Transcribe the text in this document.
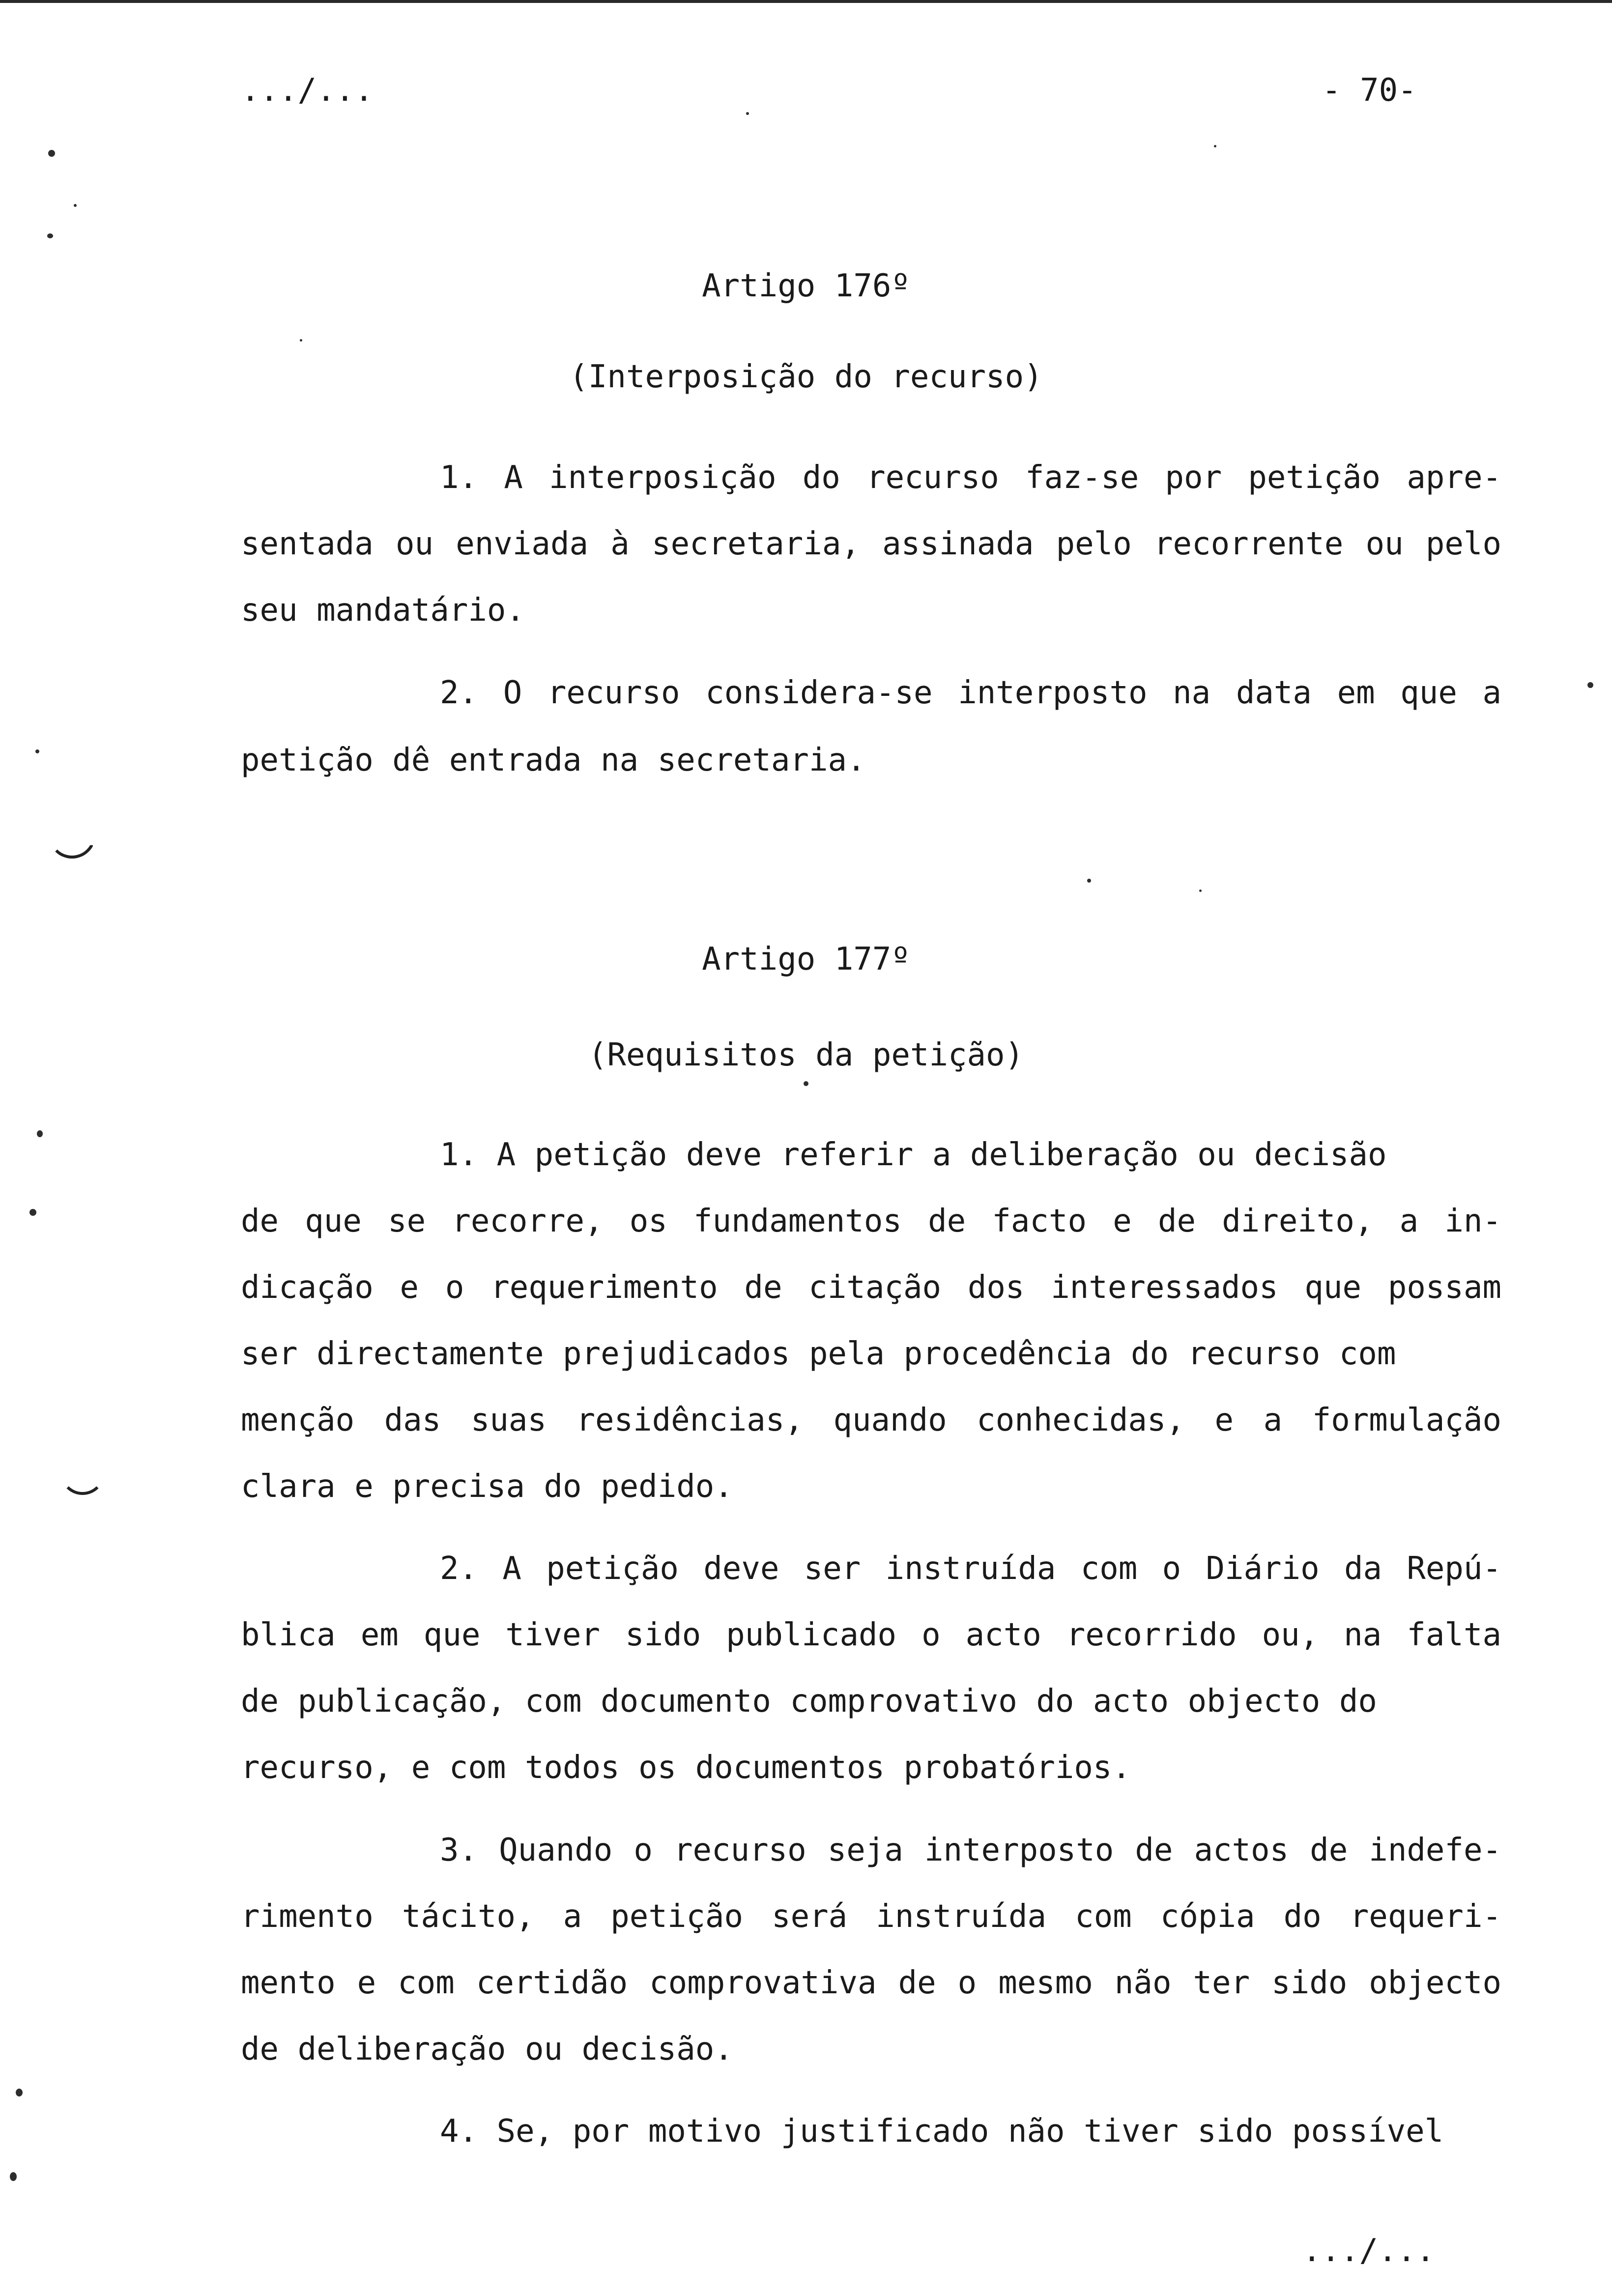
.../...	- 70-
Artigo 176º
(Interposição do recurso)
1. A interposição do recurso faz-se por petição apre-
sentada ou enviada à secretaria, assinada pelo recorrente ou pelo
seu mandatário.
2. O recurso considera-se interposto na data em que a
petição dê entrada na secretaria.
Artigo 177º
(Requisitos da petição)
1. A petição deve referir a deliberação ou decisão
de que se recorre, os fundamentos de facto e de direito, a in-
dicação e o requerimento de citação dos interessados que possam
ser directamente prejudicados pela procedência do recurso com
menção das suas residências, quando conhecidas, e a formulação
clara e precisa do pedido.
2. A petição deve ser instruída com o Diário da Repú-
blica em que tiver sido publicado o acto recorrido ou, na falta
de publicação, com documento comprovativo do acto objecto do
recurso, e com todos os documentos probatórios.
3. Quando o recurso seja interposto de actos de indefe-
rimento tácito, a petição será instruída com cópia do requeri-
mento e com certidão comprovativa de o mesmo não ter sido objecto
de deliberação ou decisão.
4. Se, por motivo justificado não tiver sido possível
.../...
